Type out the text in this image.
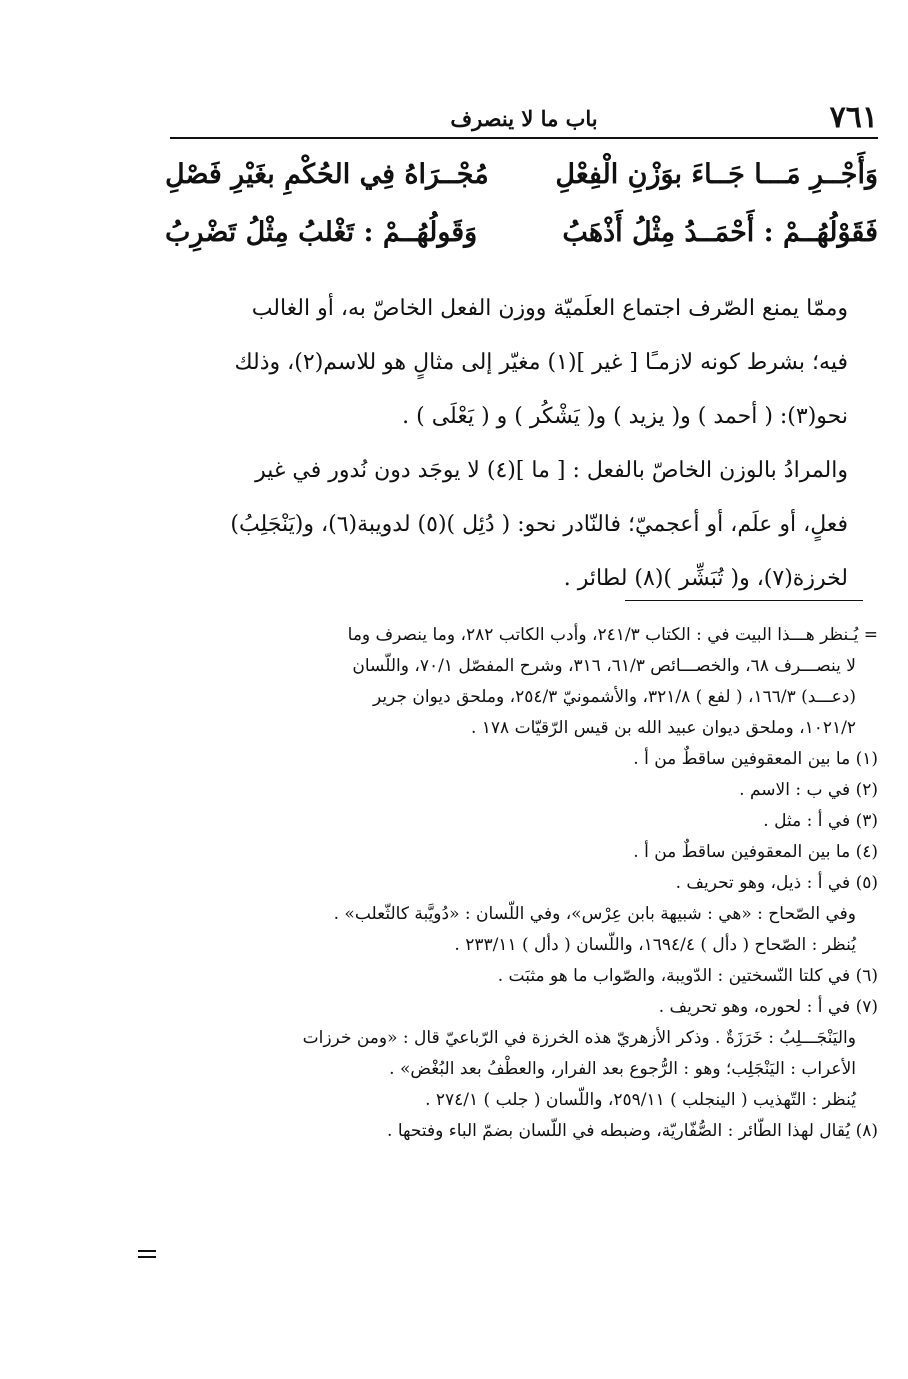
٧٦١
باب ما لا ينصرف
وَأَجْــرِ مَـــا جَــاءَ بوَزْنِ الْفِعْلِ
مُجْــرَاهُ فِي الحُكْمِ بغَيْرِ فَصْلِ
فَقَوْلُهُــمْ : أَحْمَــدُ مِثْلُ أَذْهَبُ
وَقَولُهُــمْ : تَغْلبُ مِثْلُ تَضْرِبُ

وممّا يمنع الصّرف اجتماع العلَميّة ووزن الفعل الخاصّ به، أو الغالب
فيه؛ بشرط كونه لازمـًا [ غير ](١) مغيّر إلى مثالٍ هو للاسم(٢)، وذلك
نحو(٣): ( أحمد ) و( يزيد ) و( يَشْكُر ) و ( يَعْلَى ) .

والمرادُ بالوزن الخاصّ بالفعل : [ ما ](٤) لا يوجَد دون نُدور في غير
فعلٍ، أو علَم، أو أعجميّ؛ فالنّادر نحو: ( دُئِل )(٥) لدويبة(٦)، و(يَنْجَلِبُ)
لخرزة(٧)، و( تُبَشِّر )(٨) لطائر .

= يُـنظر هـــذا البيت في : الكتاب ٢٤١/٣، وأدب الكاتب ٢٨٢، وما ينصرف وما

لا ينصـــرف ٦٨، والخصـــائص ٦١/٣، ٣١٦، وشرح المفصّل ٧٠/١، واللّسان

(دعـــد) ١٦٦/٣، ( لفع ) ٣٢١/٨، والأشمونيّ ٢٥٤/٣، وملحق ديوان جرير

١٠٢١/٢، وملحق ديوان عبيد الله بن قيس الرّقيّات ١٧٨ .

(١) ما بين المعقوفين ساقطٌ من أ .

(٢) في ب : الاسم .

(٣) في أ : مثل .

(٤) ما بين المعقوفين ساقطٌ من أ .

(٥) في أ : ذيل، وهو تحريف .

وفي الصّحاح : «هي : شبيهة بابن عِرْس»، وفي اللّسان : «دُويَّبة كالثّعلب» .

يُنظر : الصّحاح ( دأل ) ١٦٩٤/٤، واللّسان ( دأل ) ٢٣٣/١١ .

(٦) في كلتا النّسختين : الدّويبة، والصّواب ما هو مثبَت .

(٧) في أ : لحوره، وهو تحريف .

واليَنْجَـــلِبُ : خَرَزَةٌ . وذكر الأزهريّ هذه الخرزة في الرّباعيّ قال : «ومن خرزات

الأعراب : اليَنْجَلِب؛ وهو : الرُّجوع بعد الفرار، والعطْفُ بعد البُغْض» .

يُنظر : التّهذيب ( الينجلب ) ٢٥٩/١١، واللّسان ( جلب ) ٢٧٤/١ .

(٨) يُقال لهذا الطّائر : الصُّفّاريّة، وضبطه في اللّسان بضمّ الباء وفتحها .
